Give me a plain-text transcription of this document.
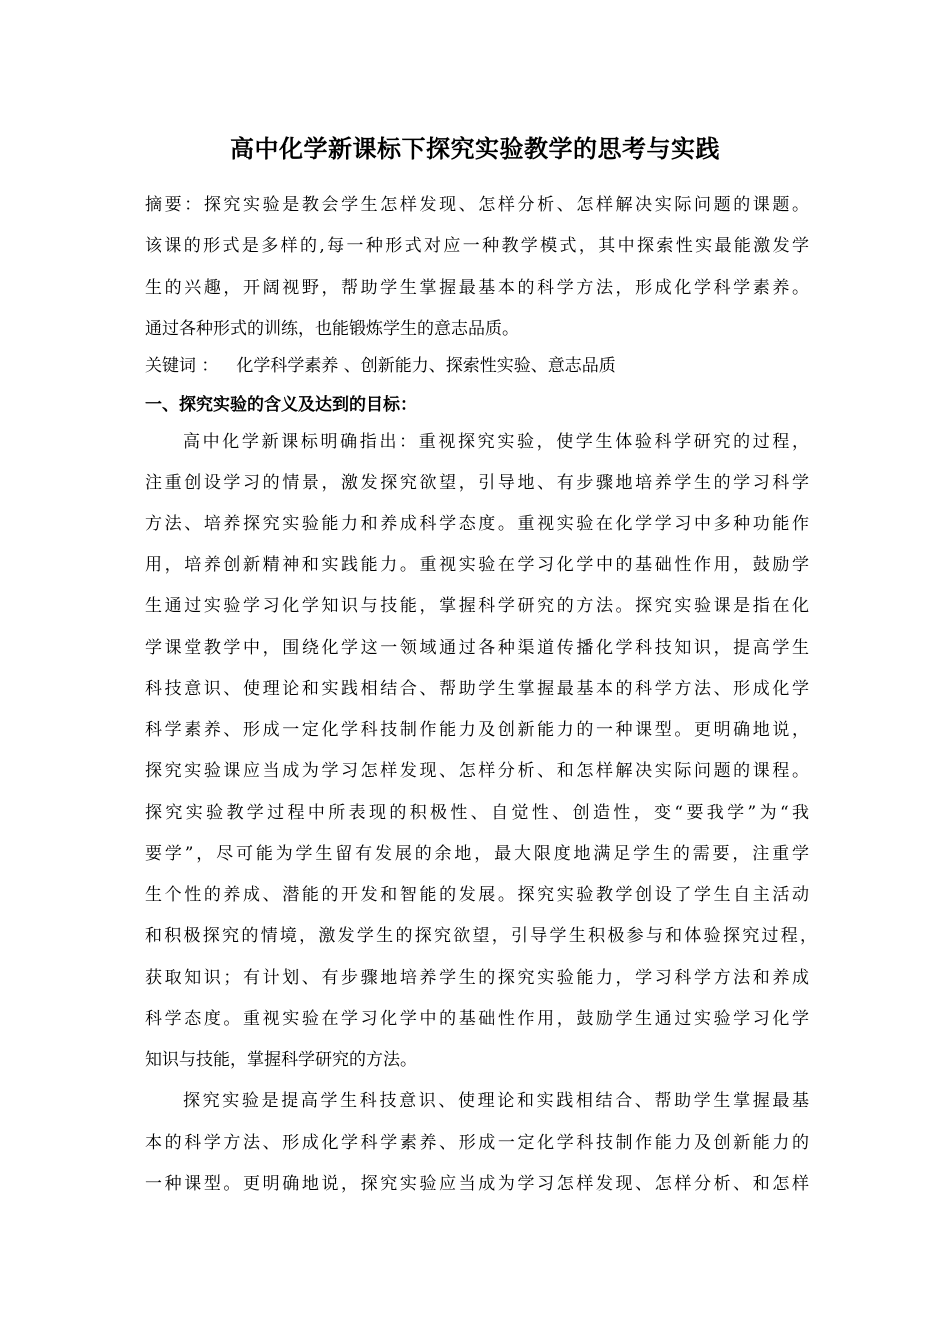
高中化学新课标下探究实验教学的思考与实践
摘要：探究实验是教会学生怎样发现、怎样分析、怎样解决实际问题的课题。
该课的形式是多样的,每一种形式对应一种教学模式，其中探索性实最能激发学
生的兴趣，开阔视野，帮助学生掌握最基本的科学方法，形成化学科学素养。
通过各种形式的训练，也能锻炼学生的意志品质。
关键词 ： 化学科学素养 、创新能力、探索性实验、意志品质
一、探究实验的含义及达到的目标：
高中化学新课标明确指出：重视探究实验，使学生体验科学研究的过程，
注重创设学习的情景，激发探究欲望，引导地、有步骤地培养学生的学习科学
方法、培养探究实验能力和养成科学态度。重视实验在化学学习中多种功能作
用，培养创新精神和实践能力。重视实验在学习化学中的基础性作用，鼓励学
生通过实验学习化学知识与技能，掌握科学研究的方法。探究实验课是指在化
学课堂教学中，围绕化学这一领域通过各种渠道传播化学科技知识，提高学生
科技意识、使理论和实践相结合、帮助学生掌握最基本的科学方法、形成化学
科学素养、形成一定化学科技制作能力及创新能力的一种课型。更明确地说，
探究实验课应当成为学习怎样发现、怎样分析、和怎样解决实际问题的课程。
探究实验教学过程中所表现的积极性、自觉性、创造性，变“要我学”为“我
要学”，尽可能为学生留有发展的余地，最大限度地满足学生的需要，注重学
生个性的养成、潜能的开发和智能的发展。探究实验教学创设了学生自主活动
和积极探究的情境，激发学生的探究欲望，引导学生积极参与和体验探究过程，
获取知识；有计划、有步骤地培养学生的探究实验能力，学习科学方法和养成
科学态度。重视实验在学习化学中的基础性作用，鼓励学生通过实验学习化学
知识与技能，掌握科学研究的方法。
探究实验是提高学生科技意识、使理论和实践相结合、帮助学生掌握最基
本的科学方法、形成化学科学素养、形成一定化学科技制作能力及创新能力的
一种课型。更明确地说，探究实验应当成为学习怎样发现、怎样分析、和怎样
